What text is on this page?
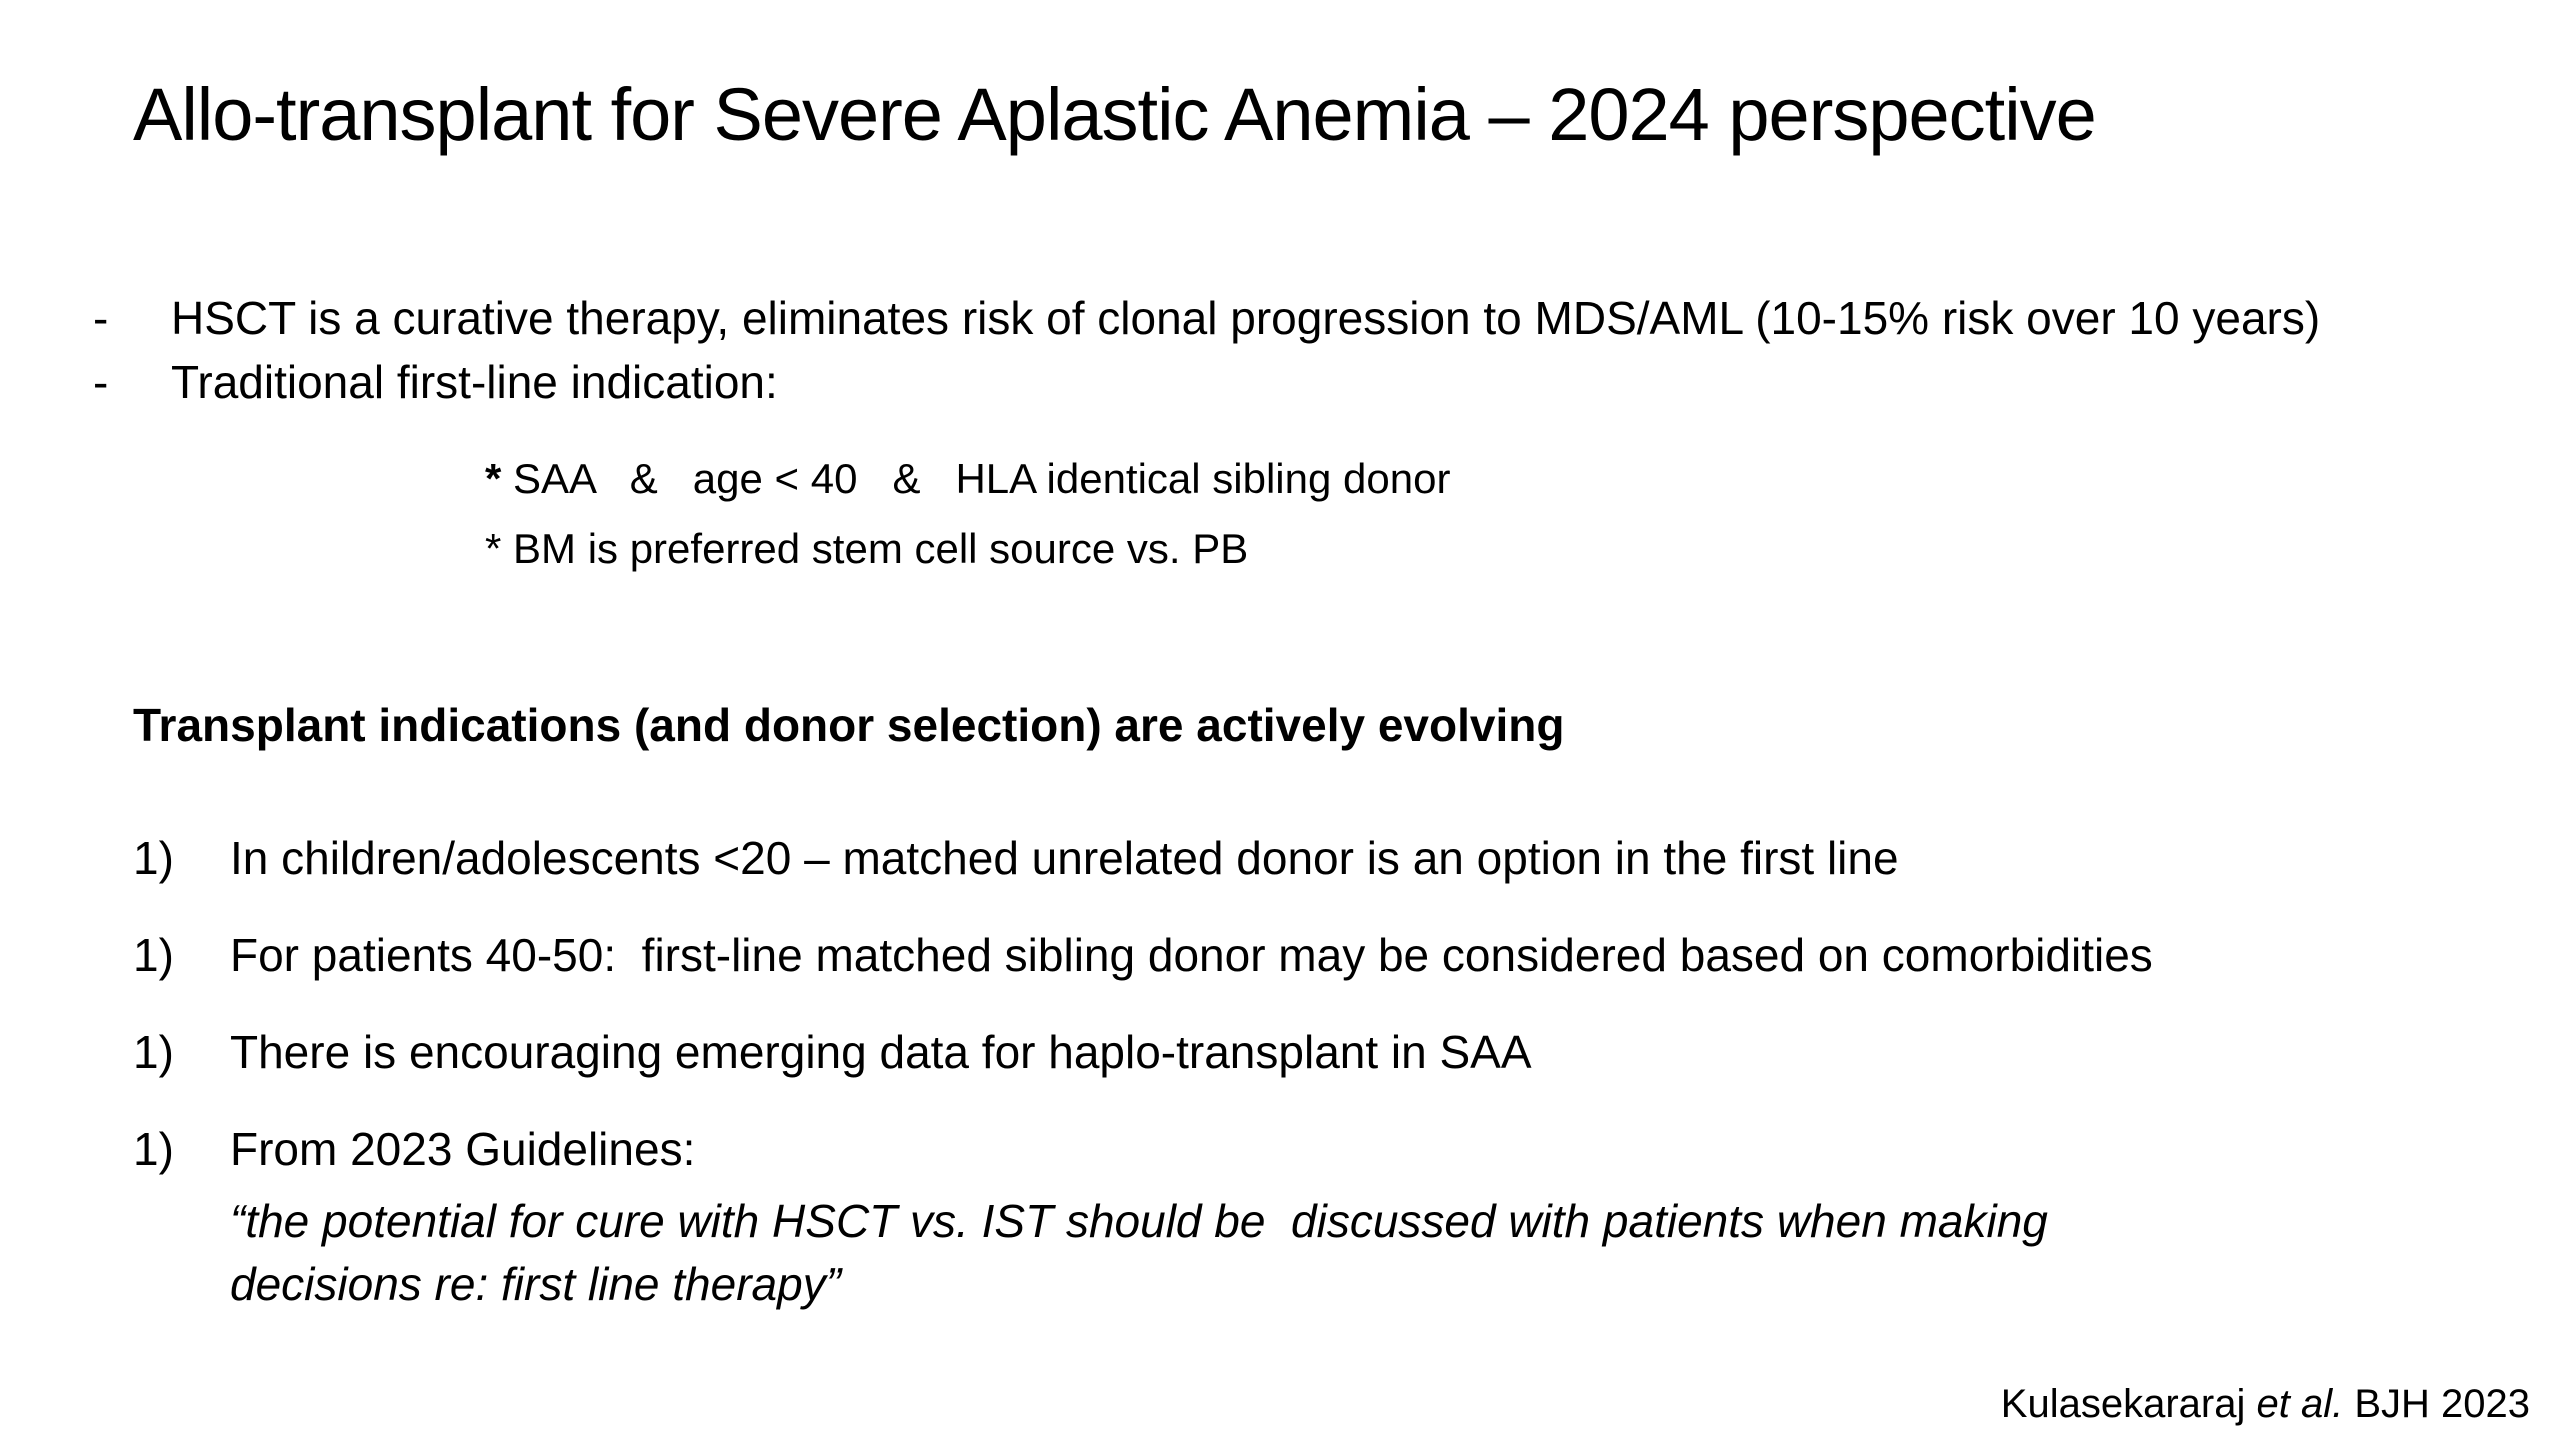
Allo-transplant for Severe Aplastic Anemia – 2024 perspective
-	HSCT is a curative therapy, eliminates risk of clonal progression to MDS/AML (10-15% risk over 10 years)
-	Traditional first-line indication:
* SAA   &   age < 40   &   HLA identical sibling donor
* BM is preferred stem cell source vs. PB
Transplant indications (and donor selection) are actively evolving
1)	In children/adolescents <20 – matched unrelated donor is an option in the first line
1)	For patients 40-50:  first-line matched sibling donor may be considered based on comorbidities
1)	There is encouraging emerging data for haplo-transplant in SAA
1)	From 2023 Guidelines:
“the potential for cure with HSCT vs. IST should be  discussed with patients when making
decisions re: first line therapy”
Kulasekararaj et al. BJH 2023
